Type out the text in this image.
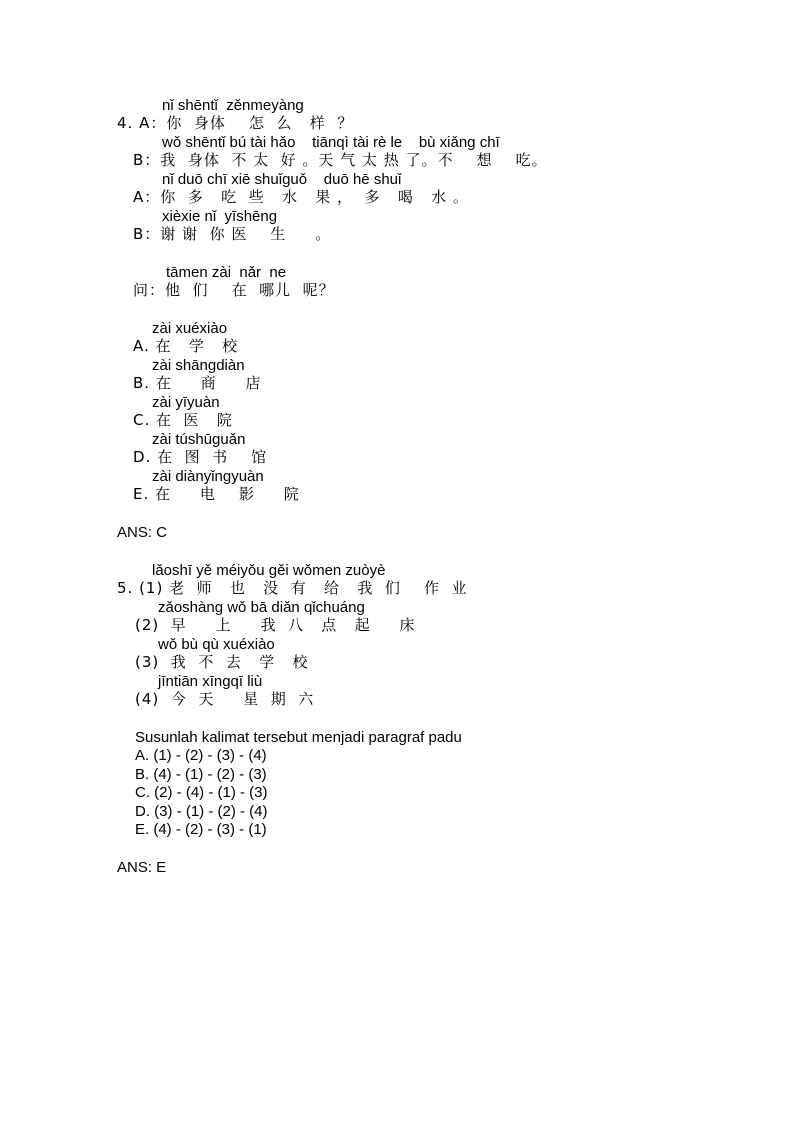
nǐ shēntǐ  zěnmeyàng
4. A：你  身体    怎  么   样  ？
wǒ shēntǐ bú tài hǎo    tiānqì tài rè le    bù xiǎng chī
B：我  身体  不 太  好 。天 气 太 热 了。不    想    吃。
nǐ duō chī xiē shuǐguǒ    duō hē shuǐ
A：你  多   吃  些   水   果 ，  多   喝   水 。
xièxie nǐ  yīshēng
B：谢 谢  你 医    生     。
tāmen zài  nǎr  ne
问：他  们    在  哪儿  呢？
zài xuéxiào
A. 在   学   校
zài shāngdiàn
B. 在     商     店
zài yīyuàn
C. 在  医   院
zài túshūguǎn
D. 在  图  书    馆
zài diànyǐngyuàn
E. 在     电    影     院
ANS: C
lǎoshī yě méiyǒu gěi wǒmen zuòyè
5. (1) 老  师   也   没  有   给   我  们    作  业
zǎoshàng wǒ bā diǎn qǐchuáng
(2)  早     上     我  八   点   起     床
wǒ bù qù xuéxiào
(3)  我  不  去   学   校
jīntiān xīngqī liù
(4)  今  天     星  期  六
Susunlah kalimat tersebut menjadi paragraf padu
A. (1) - (2) - (3) - (4)
B. (4) - (1) - (2) - (3)
C. (2) - (4) - (1) - (3)
D. (3) - (1) - (2) - (4)
E. (4) - (2) - (3) - (1)
ANS: E
